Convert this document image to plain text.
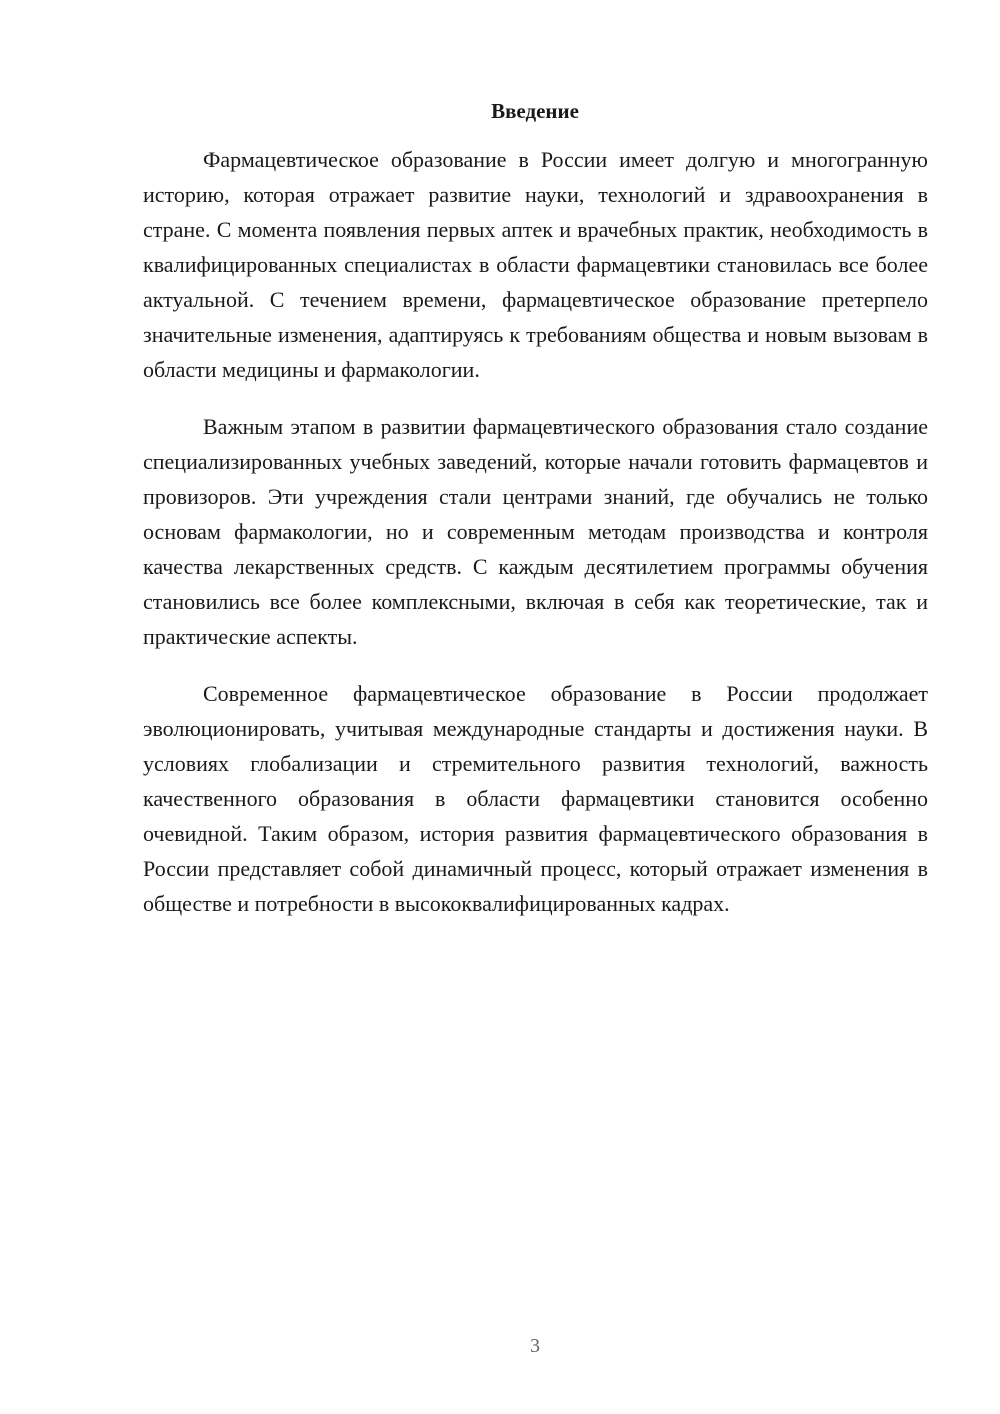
Введение

Фармацевтическое образование в России имеет долгую и многогранную историю, которая отражает развитие науки, технологий и здравоохранения в стране. С момента появления первых аптек и врачебных практик, необходимость в квалифицированных специалистах в области фармацевтики становилась все более актуальной. С течением времени, фармацевтическое образование претерпело значительные изменения, адаптируясь к требованиям общества и новым вызовам в области медицины и фармакологии.

Важным этапом в развитии фармацевтического образования стало создание специализированных учебных заведений, которые начали готовить фармацевтов и провизоров. Эти учреждения стали центрами знаний, где обучались не только основам фармакологии, но и современным методам производства и контроля качества лекарственных средств. С каждым десятилетием программы обучения становились все более комплексными, включая в себя как теоретические, так и практические аспекты.

Современное фармацевтическое образование в России продолжает эволюционировать, учитывая международные стандарты и достижения науки. В условиях глобализации и стремительного развития технологий, важность качественного образования в области фармацевтики становится особенно очевидной. Таким образом, история развития фармацевтического образования в России представляет собой динамичный процесс, который отражает изменения в обществе и потребности в высококвалифицированных кадрах.

3
